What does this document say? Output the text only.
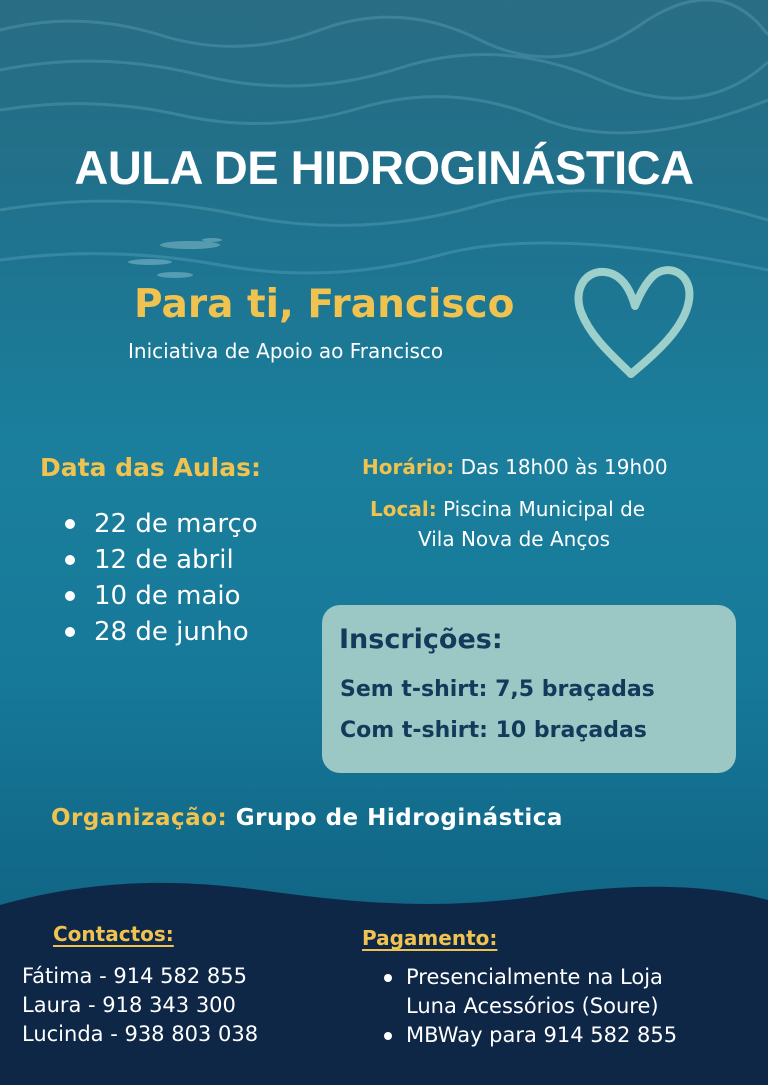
AULA DE HIDROGINÁSTICA
Para ti, Francisco
Iniciativa de Apoio ao Francisco
Data das Aulas:
22 de março
12 de abril
10 de maio
28 de junho
Horário: Das 18h00 às 19h00
Local: Piscina Municipal de
Vila Nova de Anços
Inscrições:
Sem t-shirt: 7,5 braçadas
Com t-shirt: 10 braçadas
Organização: Grupo de Hidroginástica
Contactos:
Fátima - 914 582 855
Laura - 918 343 300
Lucinda - 938 803 038
Pagamento:
Presencialmente na Loja
Luna Acessórios (Soure)
MBWay para 914 582 855
